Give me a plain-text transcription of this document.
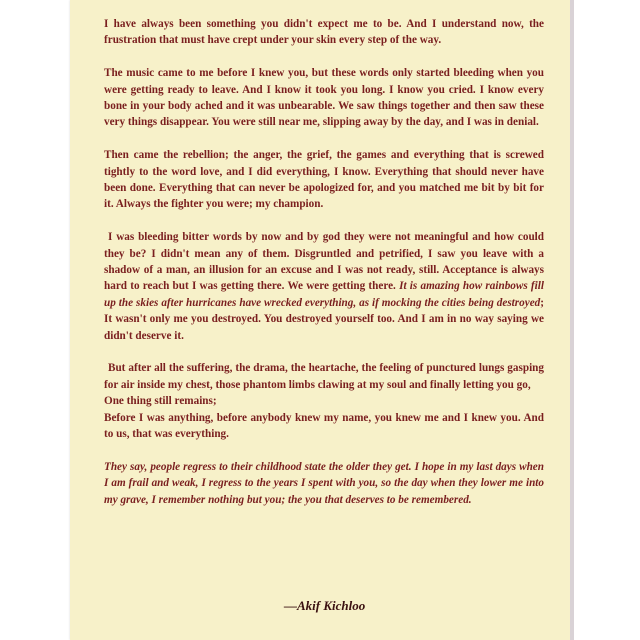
I have always been something you didn't expect me to be. And I understand now, the frustration that must have crept under your skin every step of the way.

The music came to me before I knew you, but these words only started bleeding when you were getting ready to leave. And I know it took you long. I know you cried. I know every bone in your body ached and it was unbearable. We saw things together and then saw these very things disappear. You were still near me, slipping away by the day, and I was in denial.

Then came the rebellion; the anger, the grief, the games and everything that is screwed tightly to the word love, and I did everything, I know. Everything that should never have been done. Everything that can never be apologized for, and you matched me bit by bit for it. Always the fighter you were; my champion.

I was bleeding bitter words by now and by god they were not meaningful and how could they be? I didn't mean any of them. Disgruntled and petrified, I saw you leave with a shadow of a man, an illusion for an excuse and I was not ready, still. Acceptance is always hard to reach but I was getting there. We were getting there. It is amazing how rainbows fill up the skies after hurricanes have wrecked everything, as if mocking the cities being destroyed; It wasn't only me you destroyed. You destroyed yourself too. And I am in no way saying we didn't deserve it.

But after all the suffering, the drama, the heartache, the feeling of punctured lungs gasping for air inside my chest, those phantom limbs clawing at my soul and finally letting you go,
One thing still remains;
Before I was anything, before anybody knew my name, you knew me and I knew you. And to us, that was everything.

They say, people regress to their childhood state the older they get. I hope in my last days when I am frail and weak, I regress to the years I spent with you, so the day when they lower me into my grave, I remember nothing but you; the you that deserves to be remembered.

—Akif Kichloo
